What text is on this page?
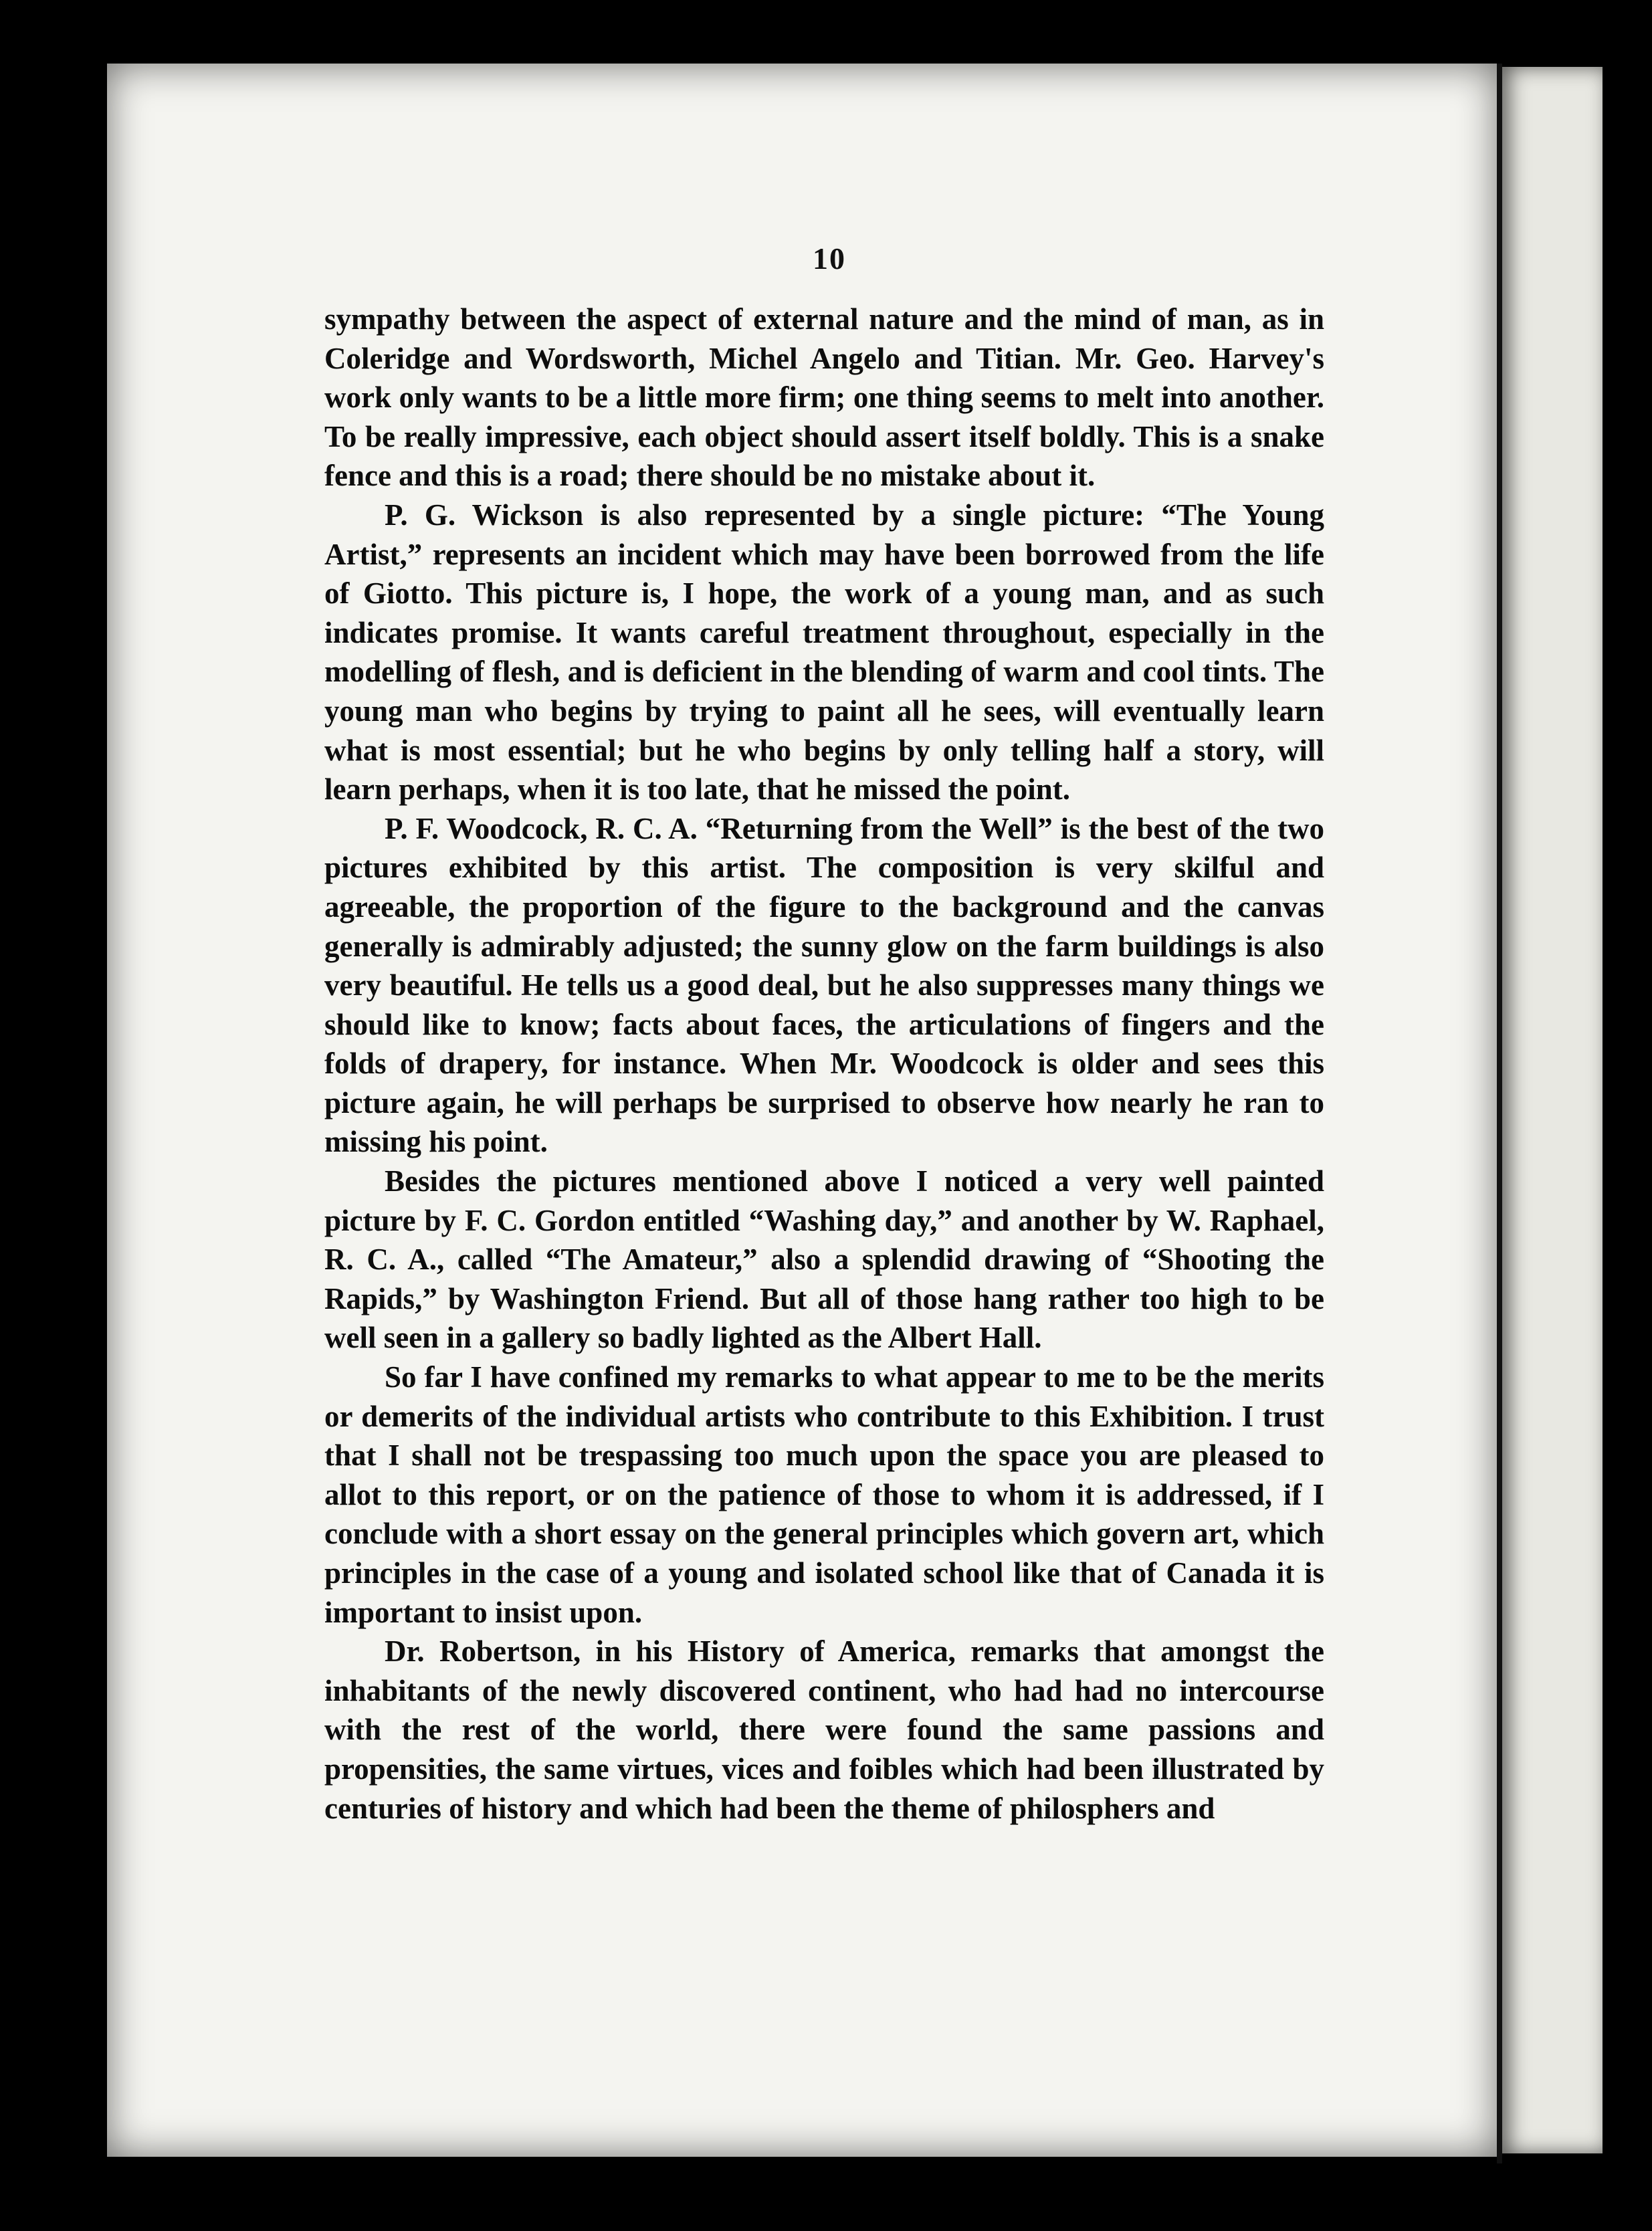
10

sympathy between the aspect of external nature and the mind of man, as in Coleridge and Wordsworth, Michel Angelo and Titian. Mr. Geo. Harvey's work only wants to be a little more firm; one thing seems to melt into another. To be really impressive, each object should assert itself boldly. This is a snake fence and this is a road; there should be no mistake about it.

P. G. Wickson is also represented by a single picture: “The Young Artist,” represents an incident which may have been borrowed from the life of Giotto. This picture is, I hope, the work of a young man, and as such indicates promise. It wants careful treatment throughout, especially in the modelling of flesh, and is deficient in the blending of warm and cool tints. The young man who begins by trying to paint all he sees, will eventually learn what is most essential; but he who begins by only telling half a story, will learn perhaps, when it is too late, that he missed the point.

P. F. Woodcock, R. C. A. “Returning from the Well” is the best of the two pictures exhibited by this artist. The composition is very skilful and agreeable, the proportion of the figure to the background and the canvas generally is admirably adjusted; the sunny glow on the farm buildings is also very beautiful. He tells us a good deal, but he also suppresses many things we should like to know; facts about faces, the articulations of fingers and the folds of drapery, for instance. When Mr. Woodcock is older and sees this picture again, he will perhaps be surprised to observe how nearly he ran to missing his point.

Besides the pictures mentioned above I noticed a very well painted picture by F. C. Gordon entitled “Washing day,” and another by W. Raphael, R. C. A., called “The Amateur,” also a splendid drawing of “Shooting the Rapids,” by Washington Friend. But all of those hang rather too high to be well seen in a gallery so badly lighted as the Albert Hall.

So far I have confined my remarks to what appear to me to be the merits or demerits of the individual artists who contribute to this Exhibition. I trust that I shall not be trespassing too much upon the space you are pleased to allot to this report, or on the patience of those to whom it is addressed, if I conclude with a short essay on the general principles which govern art, which principles in the case of a young and isolated school like that of Canada it is important to insist upon.

Dr. Robertson, in his History of America, remarks that amongst the inhabitants of the newly discovered continent, who had had no intercourse with the rest of the world, there were found the same passions and propensities, the same virtues, vices and foibles which had been illustrated by centuries of history and which had been the theme of philosphers and
